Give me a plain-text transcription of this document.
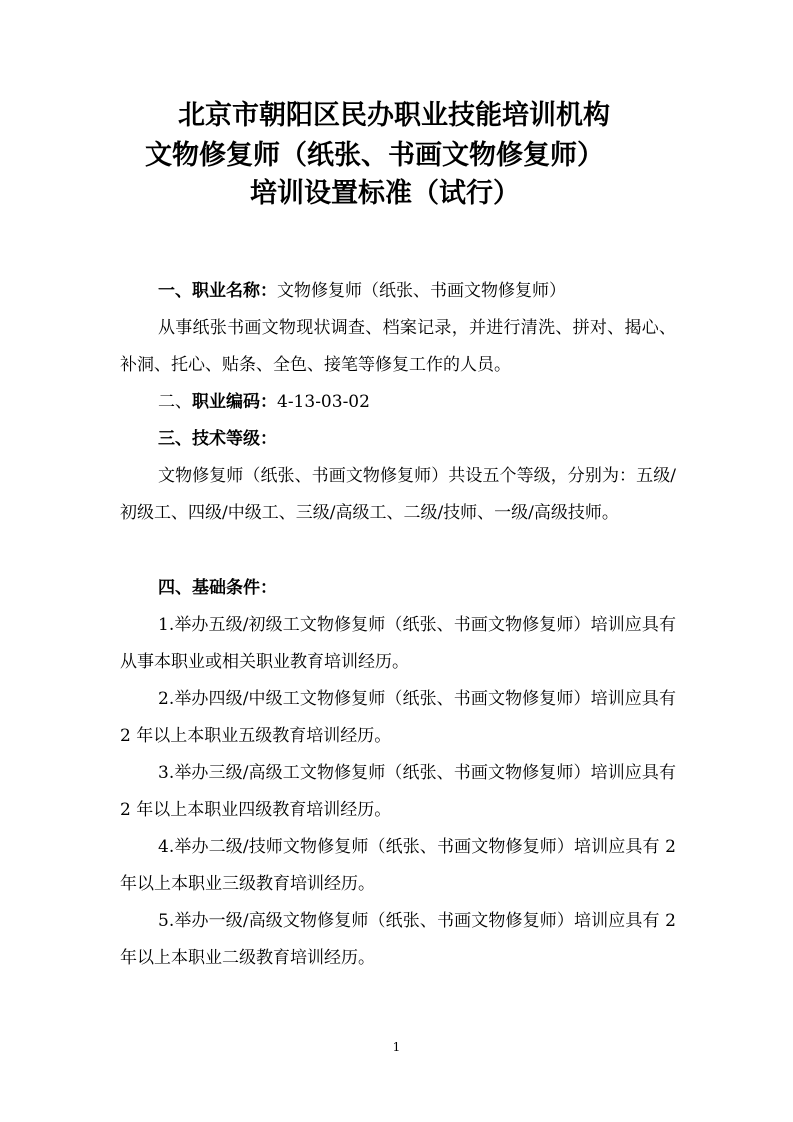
北京市朝阳区民办职业技能培训机构
文物修复师（纸张、书画文物修复师）
培训设置标准（试行）
一、职业名称：文物修复师（纸张、书画文物修复师）
从事纸张书画文物现状调查、档案记录，并进行清洗、拼对、揭心、补洞、托心、贴条、全色、接笔等修复工作的人员。
二、职业编码：4-13-03-02
三、技术等级：
文物修复师（纸张、书画文物修复师）共设五个等级，分别为：五级/初级工、四级/中级工、三级/高级工、二级/技师、一级/高级技师。
四、基础条件：
1.举办五级/初级工文物修复师（纸张、书画文物修复师）培训应具有从事本职业或相关职业教育培训经历。
2.举办四级/中级工文物修复师（纸张、书画文物修复师）培训应具有 2 年以上本职业五级教育培训经历。
3.举办三级/高级工文物修复师（纸张、书画文物修复师）培训应具有 2 年以上本职业四级教育培训经历。
4.举办二级/技师文物修复师（纸张、书画文物修复师）培训应具有 2 年以上本职业三级教育培训经历。
5.举办一级/高级文物修复师（纸张、书画文物修复师）培训应具有 2 年以上本职业二级教育培训经历。
1
